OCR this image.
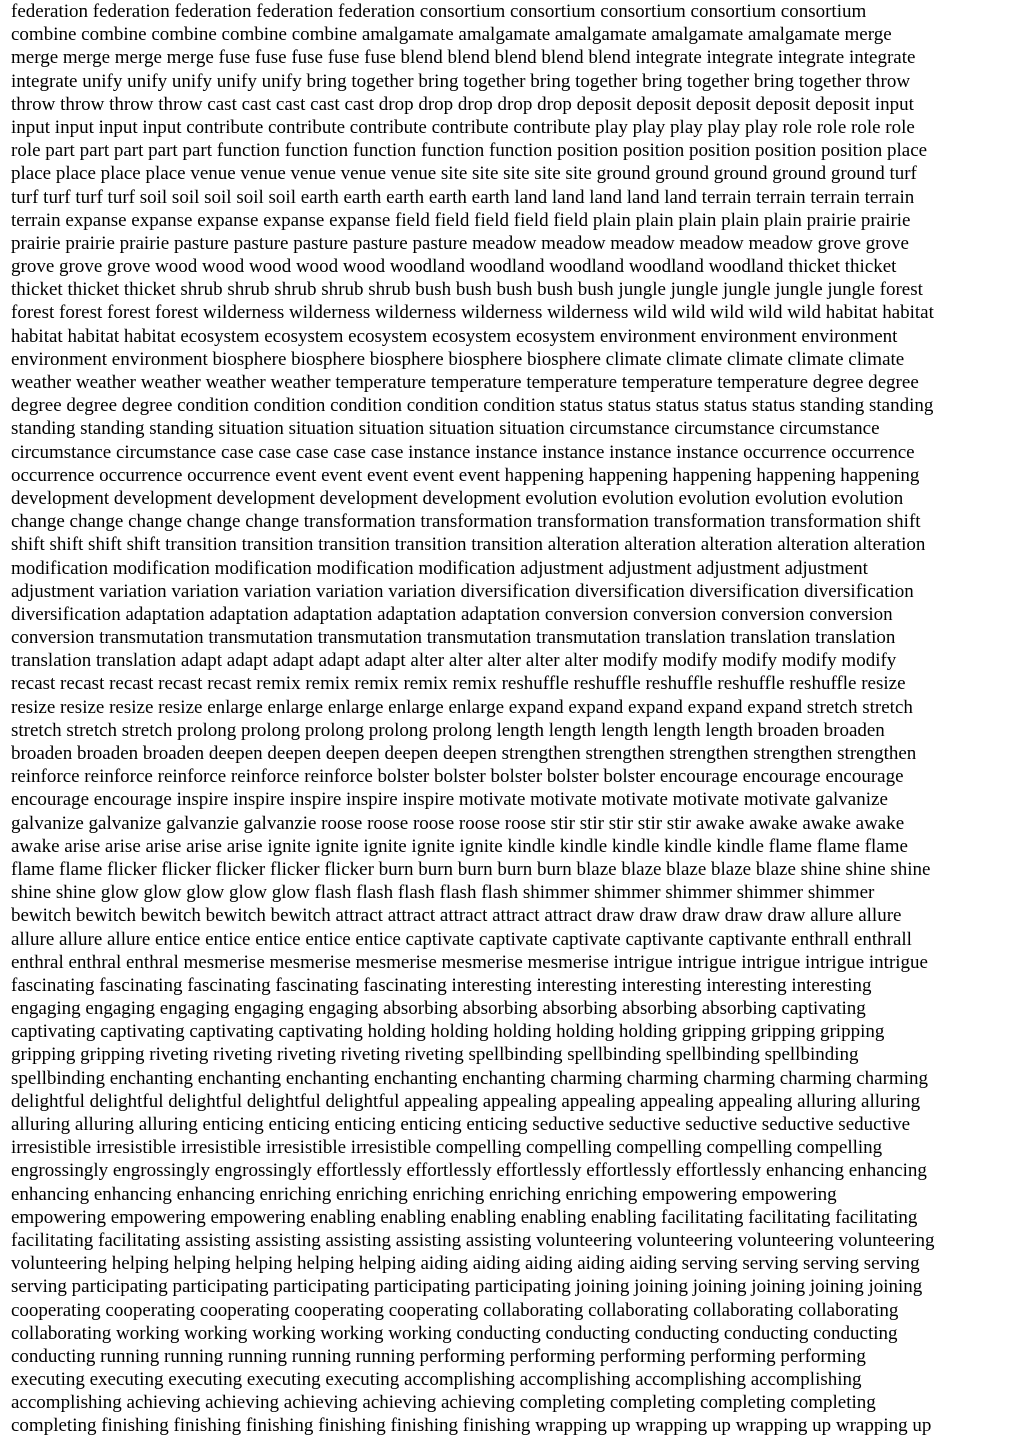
federation federation federation federation federation consortium consortium consortium consortium consortium
combine combine combine combine combine amalgamate amalgamate amalgamate amalgamate amalgamate merge
merge merge merge merge fuse fuse fuse fuse fuse blend blend blend blend blend integrate integrate integrate integrate
integrate unify unify unify unify unify bring together bring together bring together bring together bring together throw
throw throw throw throw cast cast cast cast cast drop drop drop drop drop deposit deposit deposit deposit deposit input
input input input input contribute contribute contribute contribute contribute play play play play play role role role role
role part part part part part function function function function function position position position position position place
place place place place venue venue venue venue venue site site site site site ground ground ground ground ground turf
turf turf turf turf soil soil soil soil soil earth earth earth earth earth land land land land land terrain terrain terrain terrain
terrain expanse expanse expanse expanse expanse field field field field field plain plain plain plain plain prairie prairie
prairie prairie prairie pasture pasture pasture pasture pasture meadow meadow meadow meadow meadow grove grove
grove grove grove wood wood wood wood wood woodland woodland woodland woodland woodland thicket thicket
thicket thicket thicket shrub shrub shrub shrub shrub bush bush bush bush bush jungle jungle jungle jungle jungle forest
forest forest forest forest wilderness wilderness wilderness wilderness wilderness wild wild wild wild wild habitat habitat
habitat habitat habitat ecosystem ecosystem ecosystem ecosystem ecosystem environment environment environment
environment environment biosphere biosphere biosphere biosphere biosphere climate climate climate climate climate
weather weather weather weather weather temperature temperature temperature temperature temperature degree degree
degree degree degree condition condition condition condition condition status status status status status standing standing
standing standing standing situation situation situation situation situation circumstance circumstance circumstance
circumstance circumstance case case case case case instance instance instance instance instance occurrence occurrence
occurrence occurrence occurrence event event event event event happening happening happening happening happening
development development development development development evolution evolution evolution evolution evolution
change change change change change transformation transformation transformation transformation transformation shift
shift shift shift shift transition transition transition transition transition alteration alteration alteration alteration alteration
modification modification modification modification modification adjustment adjustment adjustment adjustment
adjustment variation variation variation variation variation diversification diversification diversification diversification
diversification adaptation adaptation adaptation adaptation adaptation conversion conversion conversion conversion
conversion transmutation transmutation transmutation transmutation transmutation translation translation translation
translation translation adapt adapt adapt adapt adapt alter alter alter alter alter modify modify modify modify modify
recast recast recast recast recast remix remix remix remix remix reshuffle reshuffle reshuffle reshuffle reshuffle resize
resize resize resize resize enlarge enlarge enlarge enlarge enlarge expand expand expand expand expand stretch stretch
stretch stretch stretch prolong prolong prolong prolong prolong length length length length length broaden broaden
broaden broaden broaden deepen deepen deepen deepen deepen strengthen strengthen strengthen strengthen strengthen
reinforce reinforce reinforce reinforce reinforce bolster bolster bolster bolster bolster encourage encourage encourage
encourage encourage inspire inspire inspire inspire inspire motivate motivate motivate motivate motivate galvanize
galvanize galvanize galvanzie galvanzie roose roose roose roose roose stir stir stir stir stir awake awake awake awake
awake arise arise arise arise arise ignite ignite ignite ignite ignite kindle kindle kindle kindle kindle flame flame flame
flame flame flicker flicker flicker flicker flicker burn burn burn burn burn blaze blaze blaze blaze blaze shine shine shine
shine shine glow glow glow glow glow flash flash flash flash flash shimmer shimmer shimmer shimmer shimmer
bewitch bewitch bewitch bewitch bewitch attract attract attract attract attract draw draw draw draw draw allure allure
allure allure allure entice entice entice entice entice captivate captivate captivate captivante captivante enthrall enthrall
enthral enthral enthral mesmerise mesmerise mesmerise mesmerise mesmerise intrigue intrigue intrigue intrigue intrigue
fascinating fascinating fascinating fascinating fascinating interesting interesting interesting interesting interesting
engaging engaging engaging engaging engaging absorbing absorbing absorbing absorbing absorbing captivating
captivating captivating captivating captivating holding holding holding holding holding gripping gripping gripping
gripping gripping riveting riveting riveting riveting riveting spellbinding spellbinding spellbinding spellbinding
spellbinding enchanting enchanting enchanting enchanting enchanting charming charming charming charming charming
delightful delightful delightful delightful delightful appealing appealing appealing appealing appealing alluring alluring
alluring alluring alluring enticing enticing enticing enticing enticing seductive seductive seductive seductive seductive
irresistible irresistible irresistible irresistible irresistible compelling compelling compelling compelling compelling
engrossingly engrossingly engrossingly effortlessly effortlessly effortlessly effortlessly effortlessly enhancing enhancing
enhancing enhancing enhancing enriching enriching enriching enriching enriching empowering empowering
empowering empowering empowering enabling enabling enabling enabling enabling facilitating facilitating facilitating
facilitating facilitating assisting assisting assisting assisting assisting volunteering volunteering volunteering volunteering
volunteering helping helping helping helping helping aiding aiding aiding aiding aiding serving serving serving serving
serving participating participating participating participating participating joining joining joining joining joining joining
cooperating cooperating cooperating cooperating cooperating collaborating collaborating collaborating collaborating
collaborating working working working working working conducting conducting conducting conducting conducting
conducting running running running running running performing performing performing performing performing
executing executing executing executing executing accomplishing accomplishing accomplishing accomplishing
accomplishing achieving achieving achieving achieving achieving completing completing completing completing
completing finishing finishing finishing finishing finishing finishing wrapping up wrapping up wrapping up wrapping up
